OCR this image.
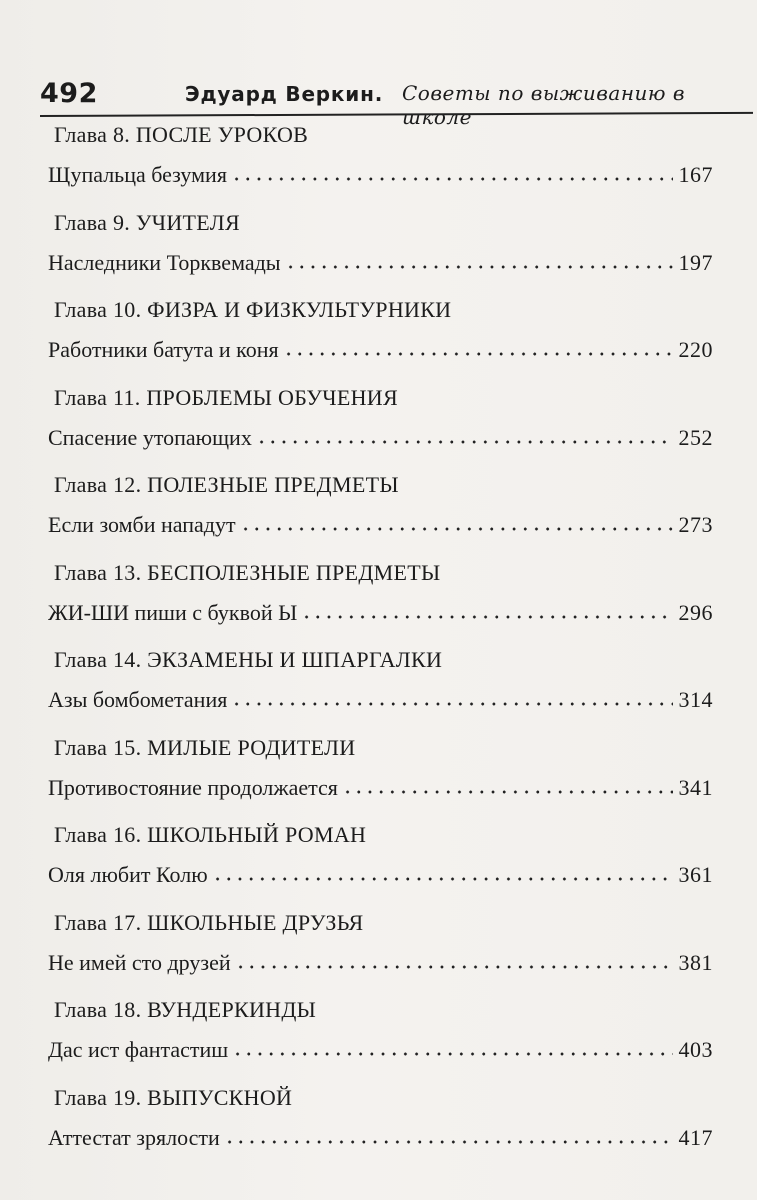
492	Эдуард Веркин. Советы по выживанию в школе
Глава 8. ПОСЛЕ УРОКОВ
Щупальца безумия	167
Глава 9. УЧИТЕЛЯ
Наследники Торквемады	197
Глава 10. ФИЗРА И ФИЗКУЛЬТУРНИКИ
Работники батута и коня	220
Глава 11. ПРОБЛЕМЫ ОБУЧЕНИЯ
Спасение утопающих	252
Глава 12. ПОЛЕЗНЫЕ ПРЕДМЕТЫ
Если зомби нападут	273
Глава 13. БЕСПОЛЕЗНЫЕ ПРЕДМЕТЫ
ЖИ-ШИ пиши с буквой Ы	296
Глава 14. ЭКЗАМЕНЫ И ШПАРГАЛКИ
Азы бомбометания	314
Глава 15. МИЛЫЕ РОДИТЕЛИ
Противостояние продолжается	341
Глава 16. ШКОЛЬНЫЙ РОМАН
Оля любит Колю	361
Глава 17. ШКОЛЬНЫЕ ДРУЗЬЯ
Не имей сто друзей	381
Глава 18. ВУНДЕРКИНДЫ
Дас ист фантастиш	403
Глава 19. ВЫПУСКНОЙ
Аттестат зрялости	417
